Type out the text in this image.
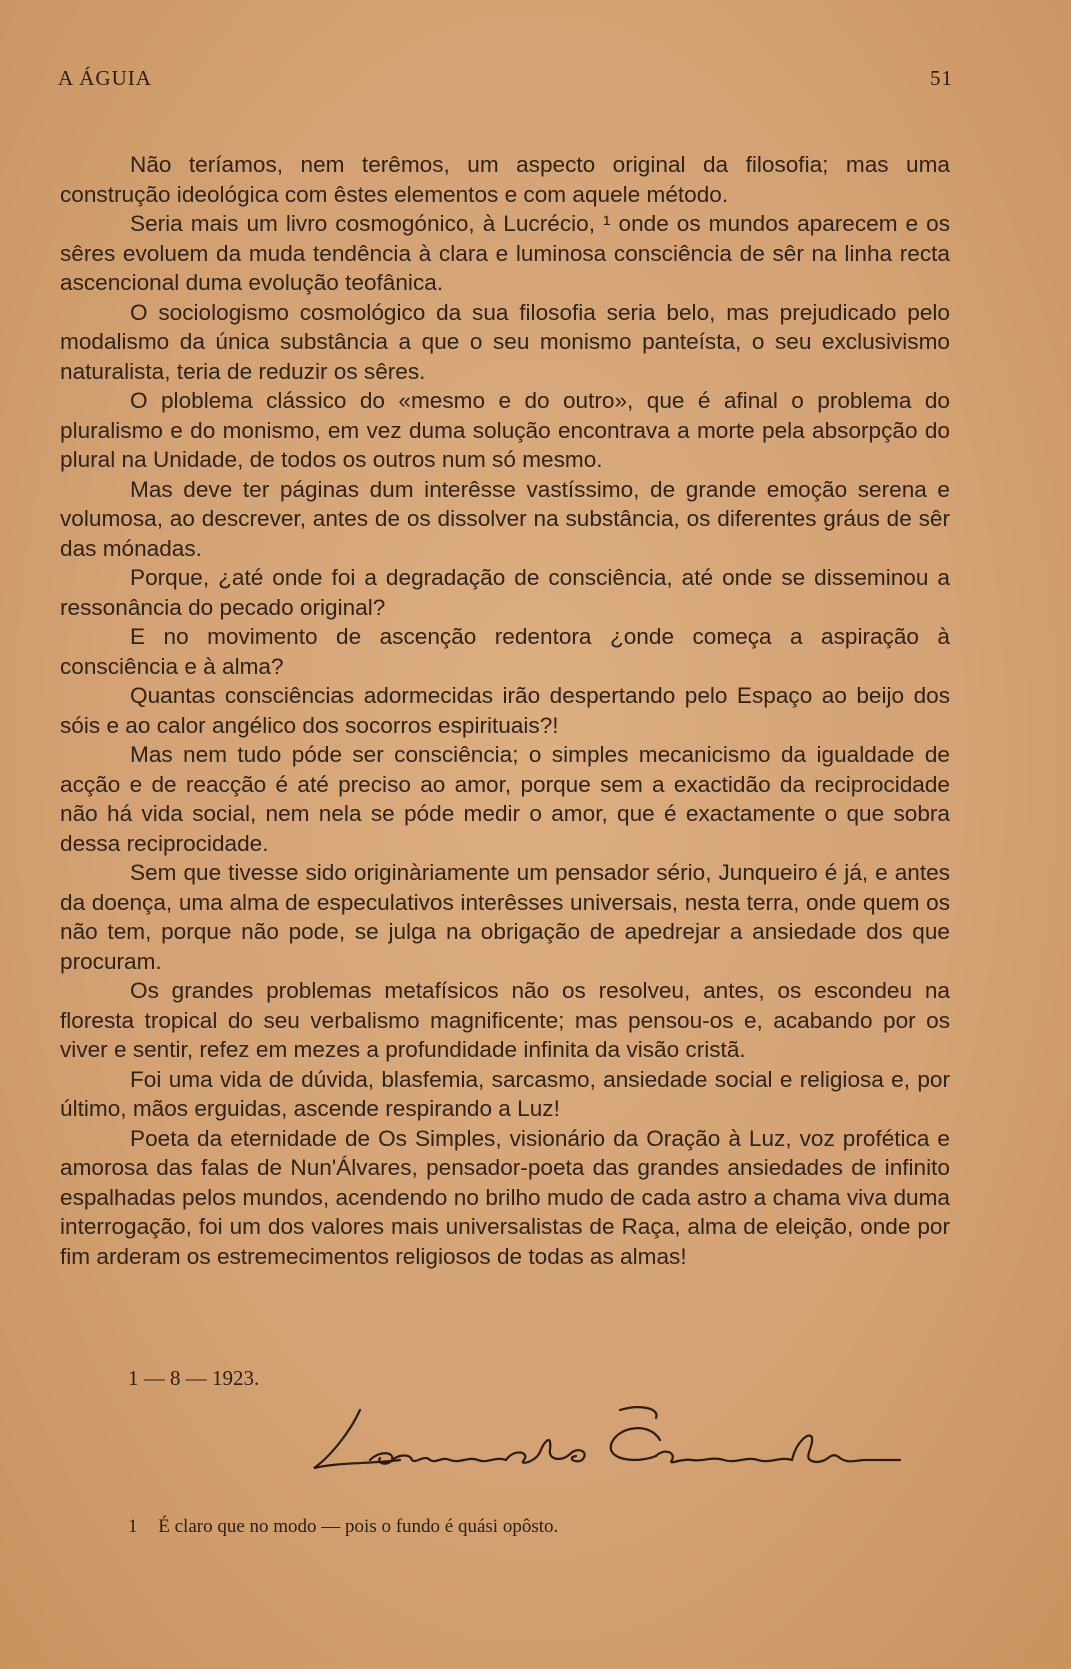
A ÁGUIA	51

Não teríamos, nem terêmos, um aspecto original da filosofia; mas uma construção ideológica com êstes elementos e com aquele método.

Seria mais um livro cosmogónico, à Lucrécio, ¹ onde os mundos aparecem e os sêres evoluem da muda tendência à clara e luminosa consciência de sêr na linha recta ascencional duma evolução teofânica.

O sociologismo cosmológico da sua filosofia seria belo, mas prejudicado pelo modalismo da única substância a que o seu monismo panteísta, o seu exclusivismo naturalista, teria de reduzir os sêres.

O ploblema clássico do «mesmo e do outro», que é afinal o problema do pluralismo e do monismo, em vez duma solução encontrava a morte pela absorpção do plural na Unidade, de todos os outros num só mesmo.

Mas deve ter páginas dum interêsse vastíssimo, de grande emoção serena e volumosa, ao descrever, antes de os dissolver na substância, os diferentes gráus de sêr das mónadas.

Porque, ¿até onde foi a degradação de consciência, até onde se disseminou a ressonância do pecado original?

E no movimento de ascenção redentora ¿onde começa a aspiração à consciência e à alma?

Quantas consciências adormecidas irão despertando pelo Espaço ao beijo dos sóis e ao calor angélico dos socorros espirituais?!

Mas nem tudo póde ser consciência; o simples mecanicismo da igualdade de acção e de reacção é até preciso ao amor, porque sem a exactidão da reciprocidade não há vida social, nem nela se póde medir o amor, que é exactamente o que sobra dessa reciprocidade.

Sem que tivesse sido originàriamente um pensador sério, Junqueiro é já, e antes da doença, uma alma de especulativos interêsses universais, nesta terra, onde quem os não tem, porque não pode, se julga na obrigação de apedrejar a ansiedade dos que procuram.

Os grandes problemas metafísicos não os resolveu, antes, os escondeu na floresta tropical do seu verbalismo magnificente; mas pensou-os e, acabando por os viver e sentir, refez em mezes a profundidade infinita da visão cristã.

Foi uma vida de dúvida, blasfemia, sarcasmo, ansiedade social e religiosa e, por último, mãos erguidas, ascende respirando a Luz!

Poeta da eternidade de Os Simples, visionário da Oração à Luz, voz profética e amorosa das falas de Nun'Álvares, pensador-poeta das grandes ansiedades de infinito espalhadas pelos mundos, acendendo no brilho mudo de cada astro a chama viva duma interrogação, foi um dos valores mais universalistas de Raça, alma de eleição, onde por fim arderam os estremecimentos religiosos de todas as almas!

1 — 8 — 1923.
1 É claro que no modo — pois o fundo é quási opôsto.
